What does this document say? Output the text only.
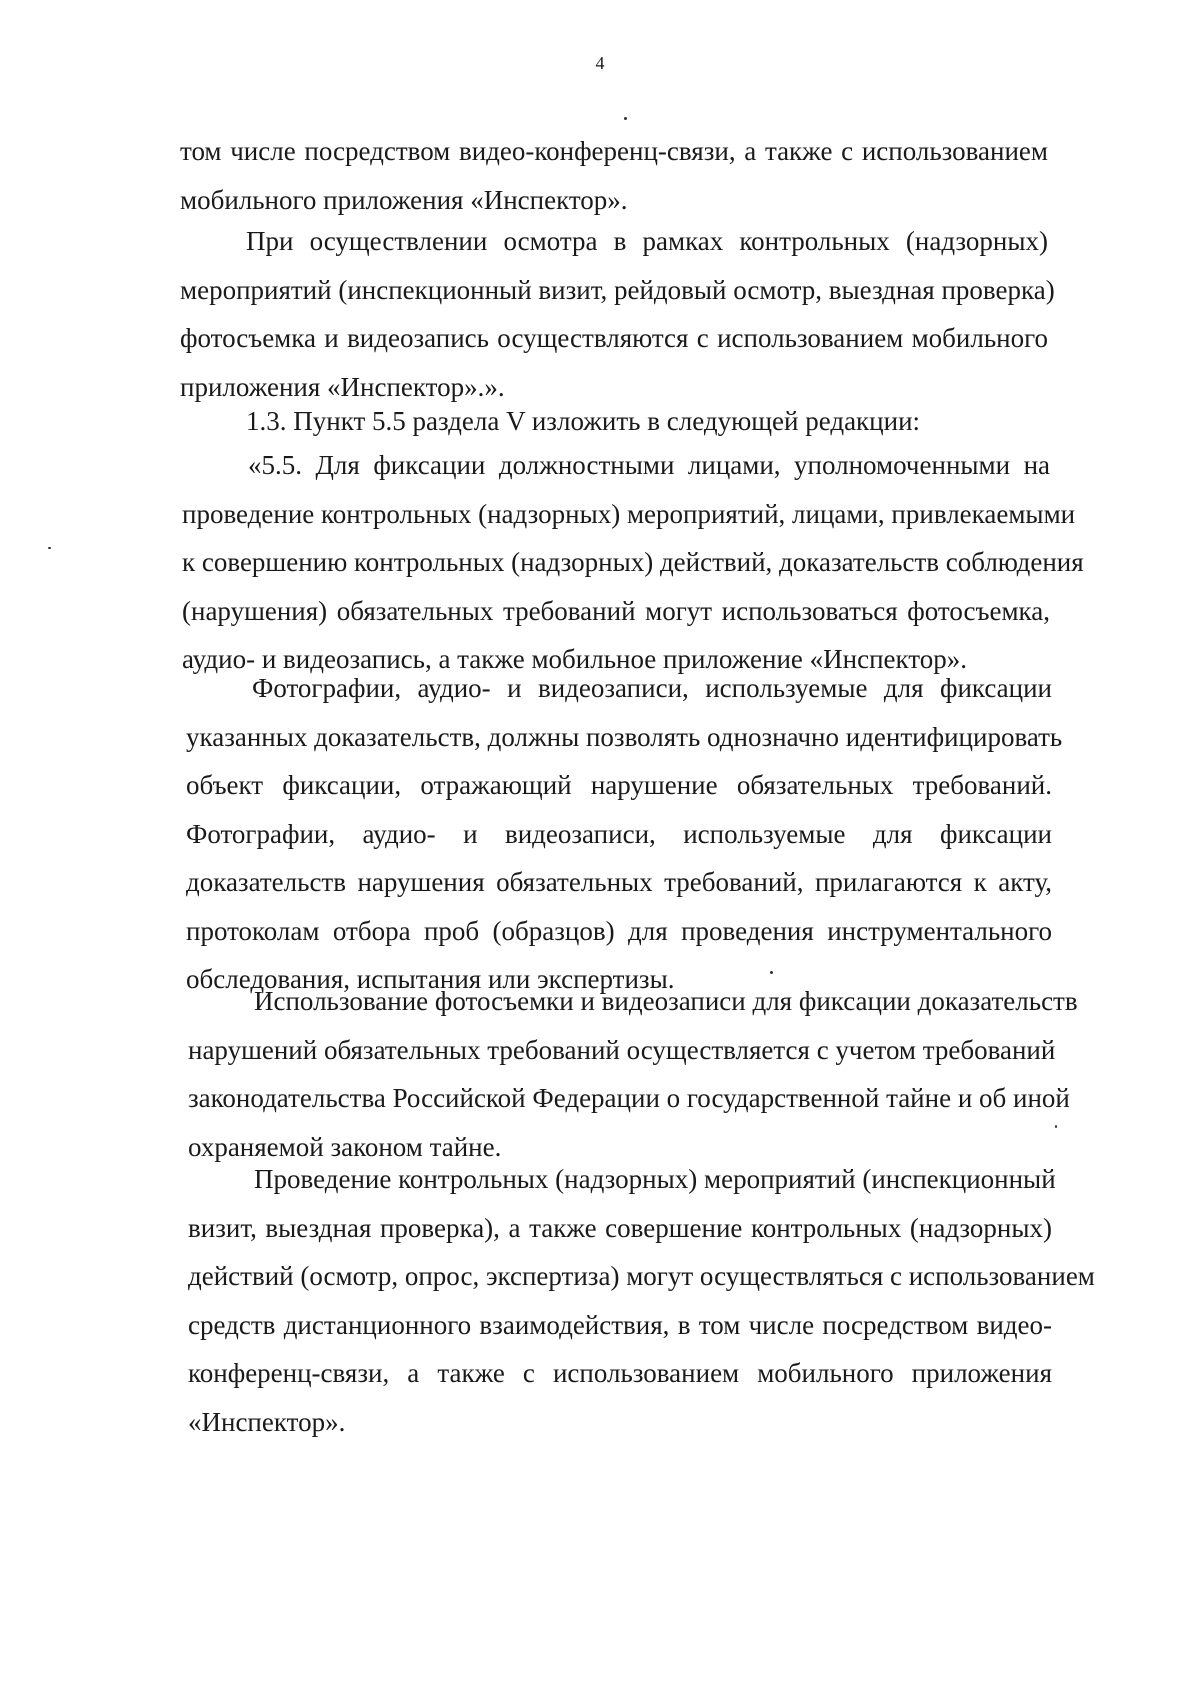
4
том числе посредством видео-конференц-связи, а также с использованием
мобильного приложения «Инспектор».
При осуществлении осмотра в рамках контрольных (надзорных)
мероприятий (инспекционный визит, рейдовый осмотр, выездная проверка)
фотосъемка и видеозапись осуществляются с использованием мобильного
приложения «Инспектор».».
1.3. Пункт 5.5 раздела V изложить в следующей редакции:
«5.5. Для фиксации должностными лицами, уполномоченными на
проведение контрольных (надзорных) мероприятий, лицами, привлекаемыми
к совершению контрольных (надзорных) действий, доказательств соблюдения
(нарушения) обязательных требований могут использоваться фотосъемка,
аудио- и видеозапись, а также мобильное приложение «Инспектор».
Фотографии, аудио- и видеозаписи, используемые для фиксации
указанных доказательств, должны позволять однозначно идентифицировать
объект фиксации, отражающий нарушение обязательных требований.
Фотографии, аудио- и видеозаписи, используемые для фиксации
доказательств нарушения обязательных требований, прилагаются к акту,
протоколам отбора проб (образцов) для проведения инструментального
обследования, испытания или экспертизы.
Использование фотосъемки и видеозаписи для фиксации доказательств
нарушений обязательных требований осуществляется с учетом требований
законодательства Российской Федерации о государственной тайне и об иной
охраняемой законом тайне.
Проведение контрольных (надзорных) мероприятий (инспекционный
визит, выездная проверка), а также совершение контрольных (надзорных)
действий (осмотр, опрос, экспертиза) могут осуществляться с использованием
средств дистанционного взаимодействия, в том числе посредством видео-
конференц-связи, а также с использованием мобильного приложения
«Инспектор».
